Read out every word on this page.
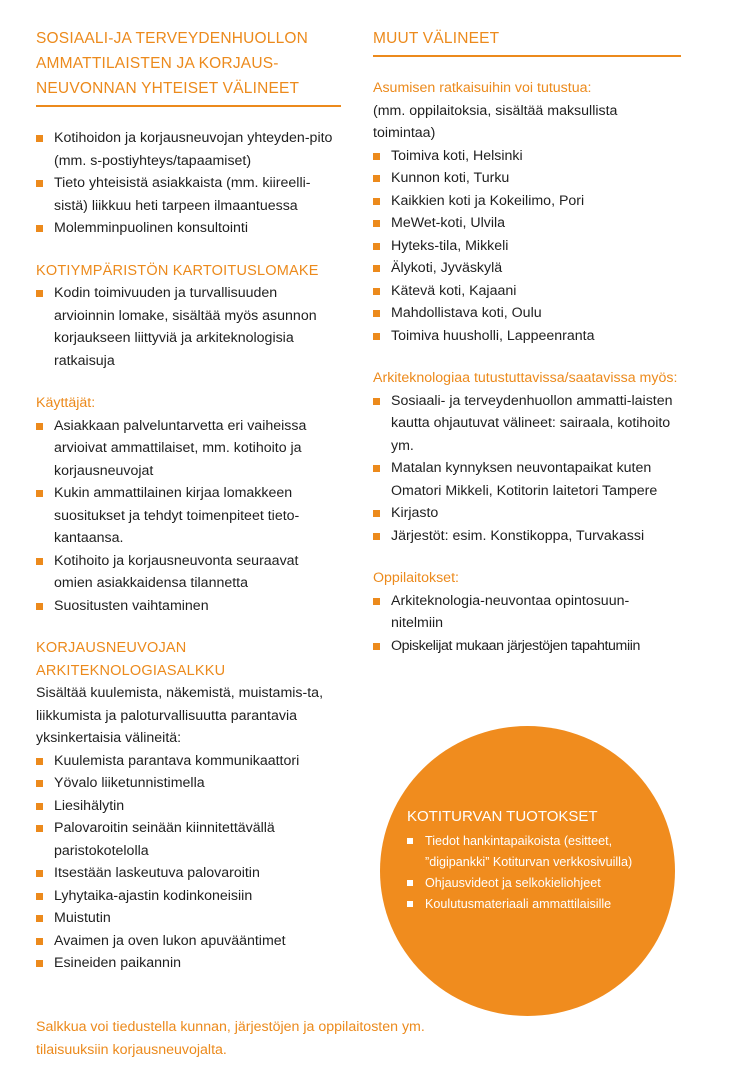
SOSIAALI-JA TERVEYDENHUOLLON AMMATTILAISTEN JA KORJAUS-NEUVONNAN YHTEISET VÄLINEET
Kotihoidon ja korjausneuvojan yhteyden-pito (mm. s-postiyhteys/tapaamiset)
Tieto yhteisistä asiakkaista (mm. kiireelli-sistä) liikkuu heti tarpeen ilmaantuessa
Molemminpuolinen konsultointi
KOTIYMPÄRISTÖN KARTOITUSLOMAKE
Kodin toimivuuden ja turvallisuuden arvioinnin lomake, sisältää myös asunnon korjaukseen liittyviä ja arkiteknologisia ratkaisuja

Käyttäjät:

Asiakkaan palveluntarvetta eri vaiheissa arvioivat ammattilaiset, mm. kotihoito ja korjausneuvojat
Kukin ammattilainen kirjaa lomakkeen suositukset ja tehdyt toimenpiteet tieto-kantaansa.
Kotihoito ja korjausneuvonta seuraavat omien asiakkaidensa tilannetta
Suositusten vaihtaminen
KORJAUSNEUVOJAN ARKITEKNOLOGIASALKKU

Sisältää kuulemista, näkemistä, muistamis-ta, liikkumista ja paloturvallisuutta parantavia yksinkertaisia välineitä:

Kuulemista parantava kommunikaattori
Yövalo liiketunnistimella
Liesihälytin
Palovaroitin seinään kiinnitettävällä paristokotelolla
Itsestään laskeutuva palovaroitin
Lyhytaika-ajastin kodinkoneisiin
Muistutin
Avaimen ja oven lukon apuvääntimet
Esineiden paikannin
MUUT VÄLINEET

Asumisen ratkaisuihin voi tutustua:

(mm. oppilaitoksia, sisältää maksullista toimintaa)

Toimiva koti, Helsinki
Kunnon koti, Turku
Kaikkien koti ja Kokeilimo, Pori
MeWet-koti, Ulvila
Hyteks-tila, Mikkeli
Älykoti, Jyväskylä
Kätevä koti, Kajaani
Mahdollistava koti, Oulu
Toimiva huusholli, Lappeenranta

Arkiteknologiaa tutustuttavissa/saatavissa myös:

Sosiaali- ja terveydenhuollon ammatti-laisten kautta ohjautuvat välineet: sairaala, kotihoito ym.
Matalan kynnyksen neuvontapaikat kuten Omatori Mikkeli, Kotitorin laitetori Tampere
Kirjasto
Järjestöt: esim. Konstikoppa, Turvakassi

Oppilaitokset:

Arkiteknologia-neuvontaa opintosuun-nitelmiin
Opiskelijat mukaan järjestöjen tapahtumiin

KOTITURVAN TUOTOKSET

Tiedot hankintapaikoista (esitteet, ”digipankki” Kotiturvan verkkosivuilla)
Ohjausvideot ja selkokieliohjeet
Koulutusmateriaali ammattilaisille

Salkkua voi tiedustella kunnan, järjestöjen ja oppilaitosten ym. tilaisuuksiin korjausneuvojalta.
